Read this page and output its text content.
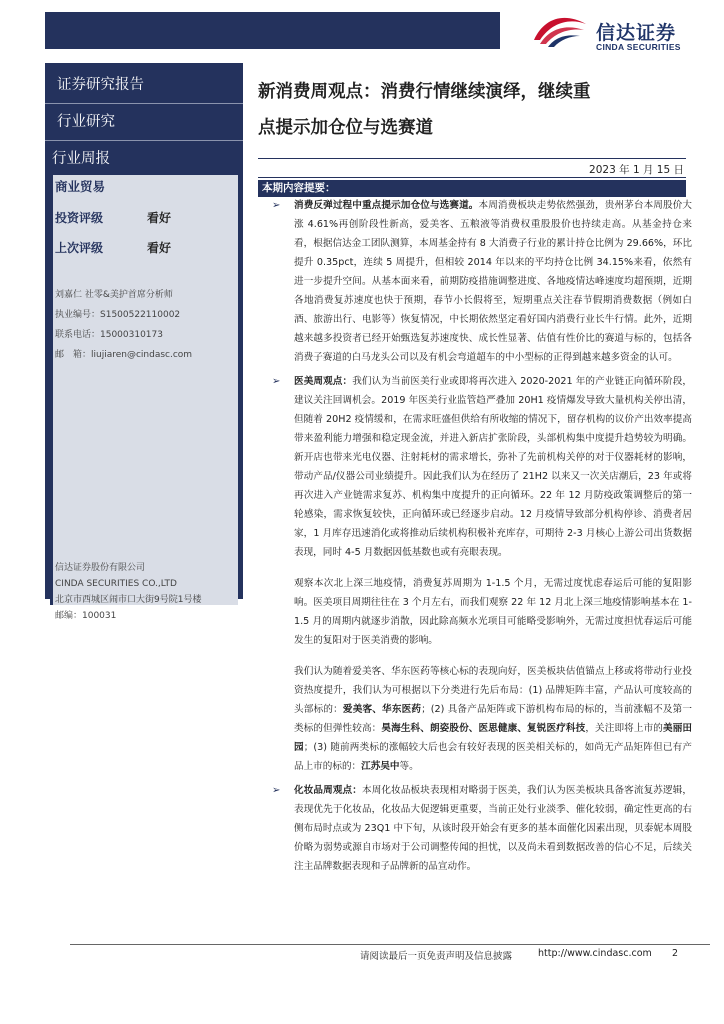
信达证券
CINDA SECURITIES
证券研究报告
行业研究
行业周报
商业贸易
投资评级	看好
上次评级	看好
刘嘉仁 社零&美护首席分析师
执业编号：S1500522110002
联系电话：15000310173
邮　箱：liujiaren@cindasc.com
信达证券股份有限公司
CINDA SECURITIES CO.,LTD
北京市西城区闹市口大街9号院1号楼
邮编：100031
新消费周观点：消费行情继续演绎，继续重
点提示加仓位与选赛道
2023 年 1 月 15 日
本期内容提要：
➢ 消费反弹过程中重点提示加仓位与选赛道。本周消费板块走势依然强劲，贵州茅台本周股价大涨 4.61%再创阶段性新高，爱美客、五粮液等消费权重股股价也持续走高。从基金持仓来看，根据信达金工团队测算，本周基金持有 8 大消费子行业的累计持仓比例为 29.66%，环比提升 0.35pct，连续 5 周提升，但相较 2014 年以来的平均持仓比例 34.15%来看，依然有进一步提升空间。从基本面来看，前期防疫措施调整进度、各地疫情达峰速度均超预期，近期各地消费复苏速度也快于预期，春节小长假将至，短期重点关注春节假期消费数据（例如白酒、旅游出行、电影等）恢复情况，中长期依然坚定看好国内消费行业长牛行情。此外，近期越来越多投资者已经开始甄选复苏速度快、成长性显著、估值有性价比的赛道与标的，包括各消费子赛道的白马龙头公司以及有机会弯道超车的中小型标的正得到越来越多资金的认可。
➢ 医美周观点：我们认为当前医美行业或即将再次进入 2020-2021 年的产业链正向循环阶段，建议关注回调机会。2019 年医美行业监管趋严叠加 20H1 疫情爆发导致大量机构关停出清，但随着 20H2 疫情缓和，在需求旺盛但供给有所收缩的情况下，留存机构的议价产出效率提高带来盈利能力增强和稳定现金流，并进入新店扩张阶段，头部机构集中度提升趋势较为明确。新开店也带来光电仪器、注射耗材的需求增长，弥补了先前机构关停的对于仪器耗材的影响，带动产品/仪器公司业绩提升。因此我们认为在经历了 21H2 以来又一次关店潮后，23 年或将再次进入产业链需求复苏、机构集中度提升的正向循环。22 年 12 月防疫政策调整后的第一轮感染，需求恢复较快，正向循环或已经逐步启动。12 月疫情导致部分机构停诊、消费者居家，1 月库存迅速消化或将推动后续机构积极补充库存，可期待 2-3 月核心上游公司出货数据表现，同时 4-5 月数据因低基数也或有亮眼表现。
观察本次北上深三地疫情，消费复苏周期为 1-1.5 个月，无需过度忧虑春运后可能的复阳影响。医美项目周期往往在 3 个月左右，而我们观察 22 年 12 月北上深三地疫情影响基本在 1-1.5 月的周期内就逐步消散，因此除高频水光项目可能略受影响外，无需过度担忧春运后可能发生的复阳对于医美消费的影响。
我们认为随着爱美客、华东医药等核心标的表现向好，医美板块估值锚点上移或将带动行业投资热度提升，我们认为可根据以下分类进行先后布局：(1) 品牌矩阵丰富，产品认可度较高的头部标的：爱美客、华东医药；(2) 具备产品矩阵或下游机构布局的标的，当前涨幅不及第一类标的但弹性较高：昊海生科、朗姿股份、医思健康、复锐医疗科技，关注即将上市的美丽田园；(3) 随前两类标的涨幅较大后也会有较好表现的医美相关标的，如尚无产品矩阵但已有产品上市的标的：江苏吴中等。
➢ 化妆品周观点：本周化妆品板块表现相对略弱于医美，我们认为医美板块具备客流复苏逻辑，表现优先于化妆品，化妆品大促逻辑更重要，当前正处行业淡季、催化较弱，确定性更高的右侧布局时点或为 23Q1 中下旬，从该时段开始会有更多的基本面催化因素出现，贝泰妮本周股价略为弱势或源自市场对于公司调整传闻的担忧，以及尚未看到数据改善的信心不足，后续关注主品牌数据表现和子品牌新的品宣动作。
请阅读最后一页免责声明及信息披露	http://www.cindasc.com 2
